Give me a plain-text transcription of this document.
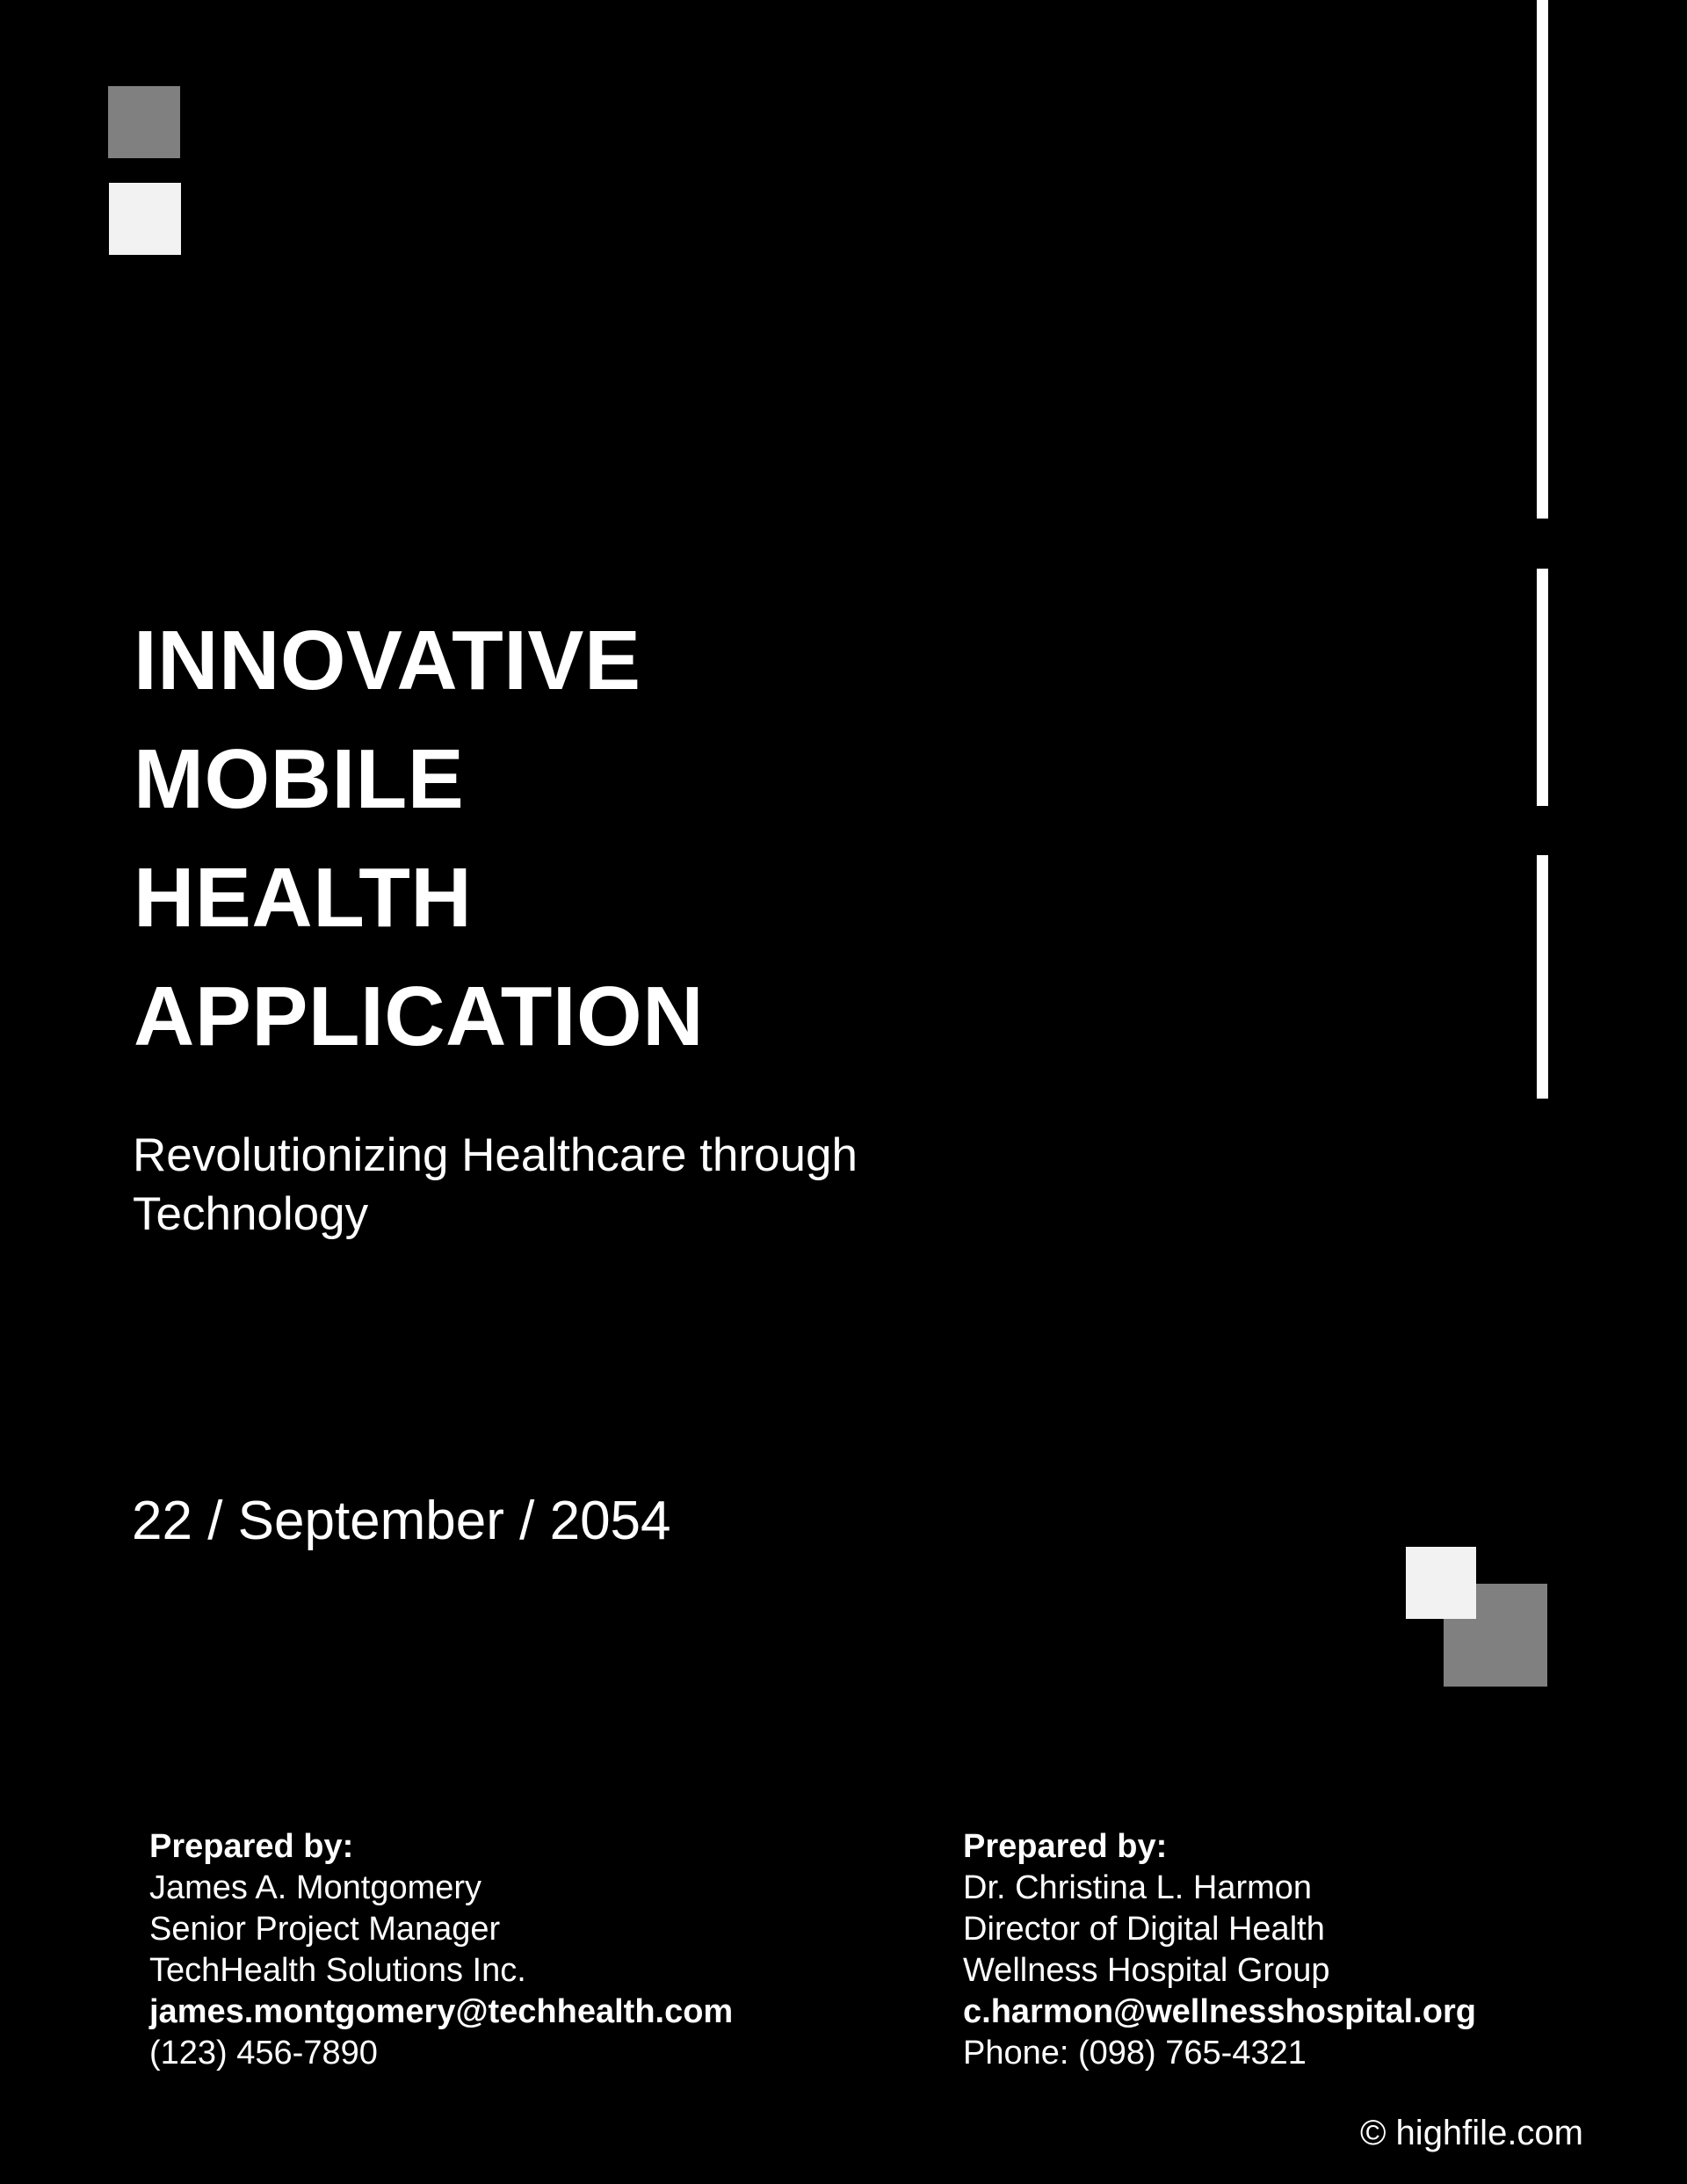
INNOVATIVE
MOBILE
HEALTH
APPLICATION
Revolutionizing Healthcare through Technology
22 / September / 2054
Prepared by:
James A. Montgomery
Senior Project Manager
TechHealth Solutions Inc.
james.montgomery@techhealth.com
(123) 456-7890
Prepared by:
Dr. Christina L. Harmon
Director of Digital Health
Wellness Hospital Group
c.harmon@wellnesshospital.org
Phone: (098) 765-4321
© highfile.com
